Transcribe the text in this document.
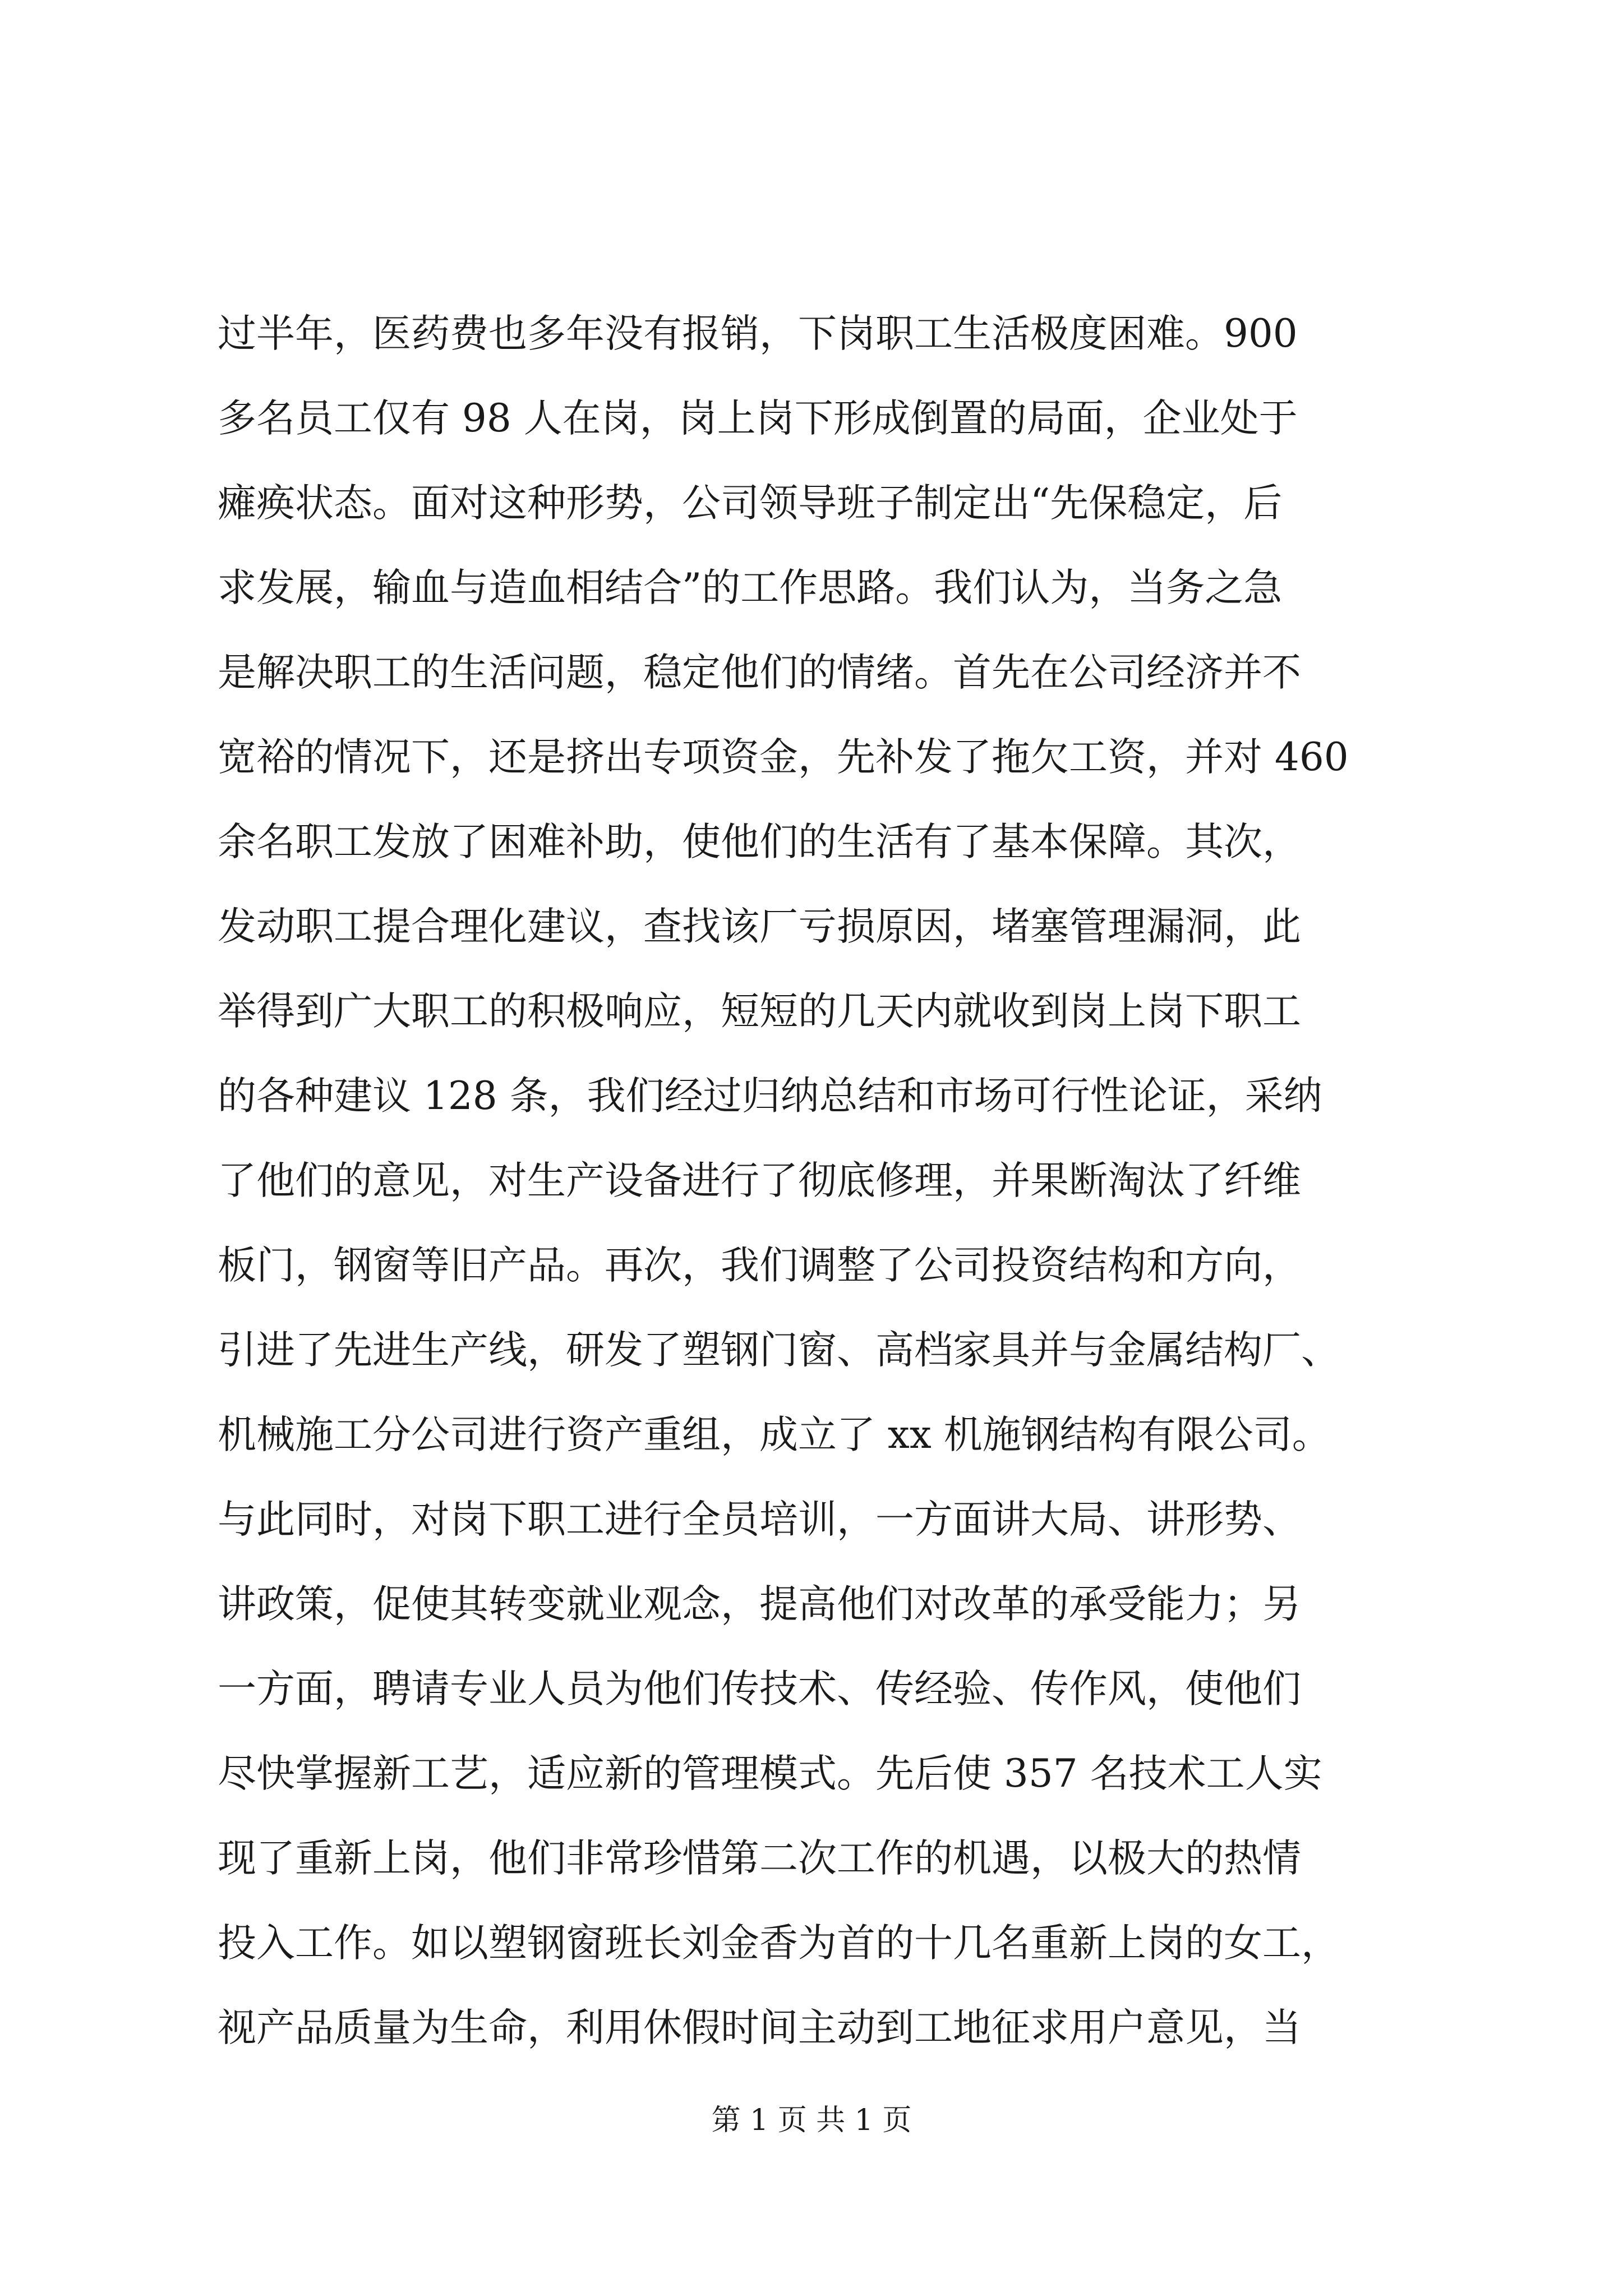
过半年，医药费也多年没有报销，下岗职工生活极度困难。900
多名员工仅有 98 人在岗，岗上岗下形成倒置的局面，企业处于
瘫痪状态。面对这种形势，公司领导班子制定出“先保稳定，后
求发展，输血与造血相结合”的工作思路。我们认为，当务之急
是解决职工的生活问题，稳定他们的情绪。首先在公司经济并不
宽裕的情况下，还是挤出专项资金，先补发了拖欠工资，并对 460
余名职工发放了困难补助，使他们的生活有了基本保障。其次，
发动职工提合理化建议，查找该厂亏损原因，堵塞管理漏洞，此
举得到广大职工的积极响应，短短的几天内就收到岗上岗下职工
的各种建议 128 条，我们经过归纳总结和市场可行性论证，采纳
了他们的意见，对生产设备进行了彻底修理，并果断淘汰了纤维
板门，钢窗等旧产品。再次，我们调整了公司投资结构和方向，
引进了先进生产线，研发了塑钢门窗、高档家具并与金属结构厂、
机械施工分公司进行资产重组，成立了 xx 机施钢结构有限公司。
与此同时，对岗下职工进行全员培训，一方面讲大局、讲形势、
讲政策，促使其转变就业观念，提高他们对改革的承受能力；另
一方面，聘请专业人员为他们传技术、传经验、传作风，使他们
尽快掌握新工艺，适应新的管理模式。先后使 357 名技术工人实
现了重新上岗，他们非常珍惜第二次工作的机遇，以极大的热情
投入工作。如以塑钢窗班长刘金香为首的十几名重新上岗的女工，
视产品质量为生命，利用休假时间主动到工地征求用户意见，当
第 1 页 共 1 页
